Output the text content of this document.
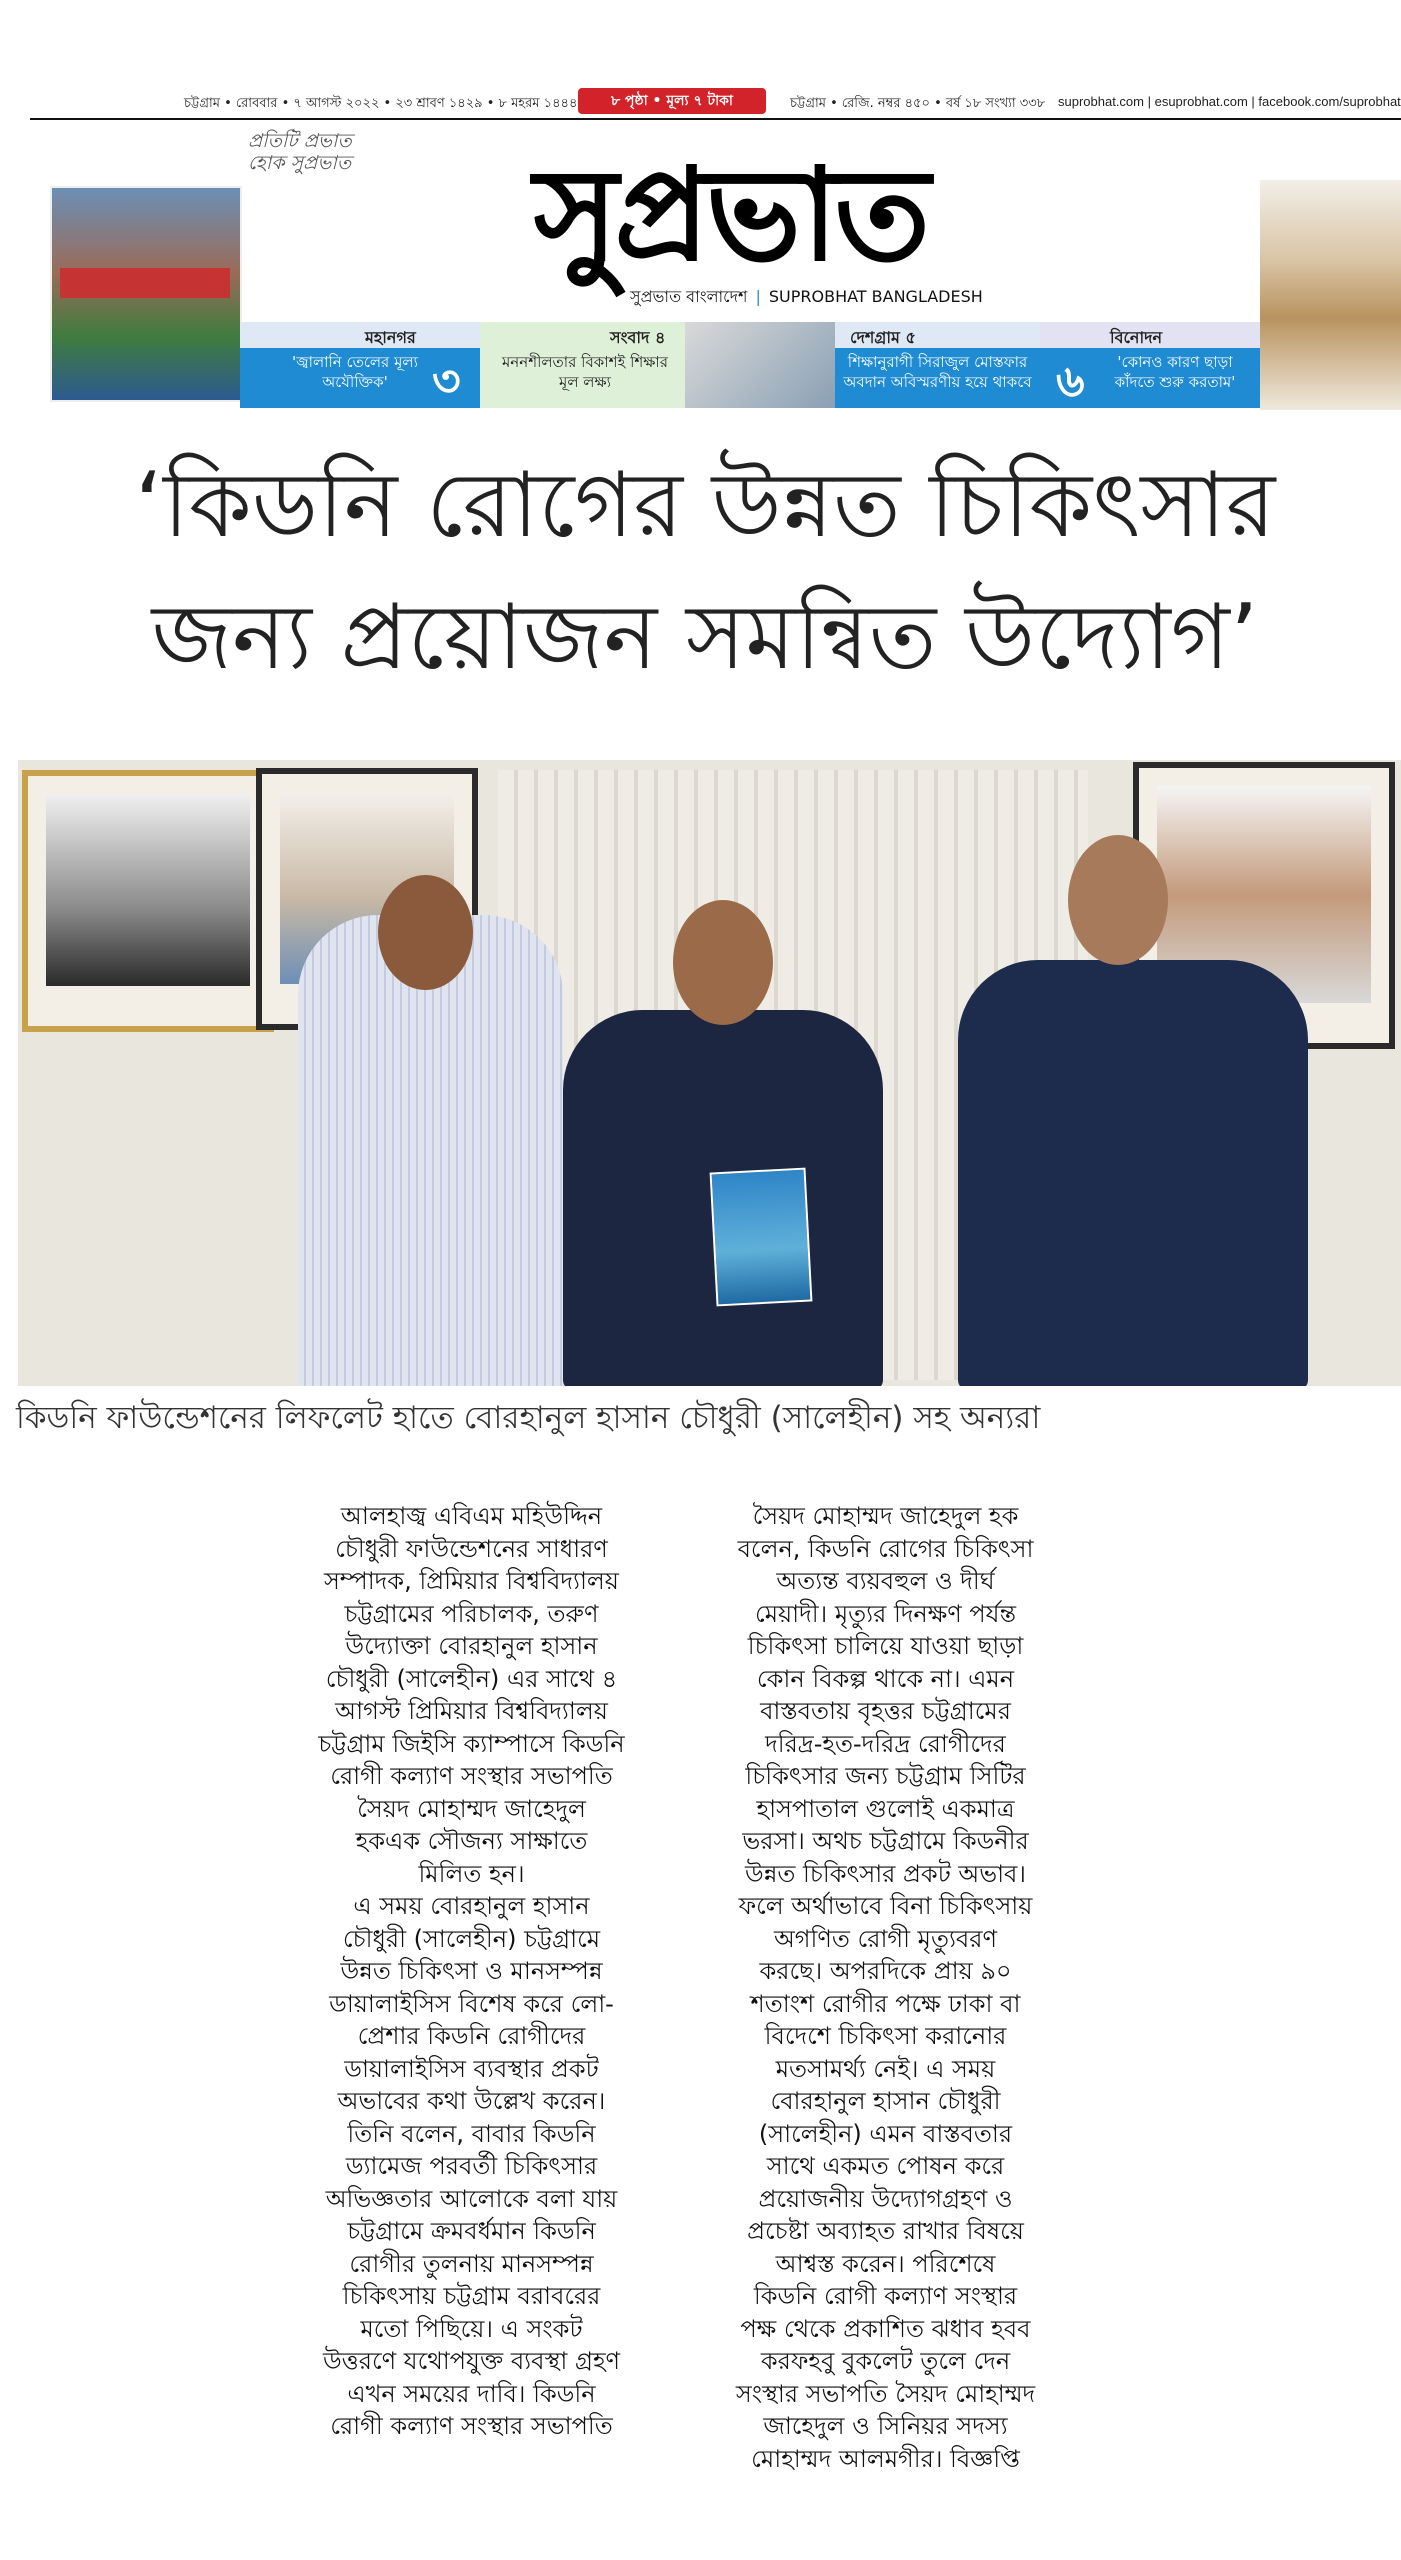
চট্টগ্রাম • রোববার • ৭ আগস্ট ২০২২ • ২৩ শ্রাবণ ১৪২৯ • ৮ মহরম ১৪৪৪	৮ পৃষ্ঠা • মূল্য ৭ টাকা	চট্টগ্রাম • রেজি. নম্বর ৪৫০ • বর্ষ ১৮ সংখ্যা ৩৩৮ suprobhat.com | esuprobhat.com | facebook.com/suprobhat
প্রতিটি প্রভাত হোক সুপ্রভাত	সুপ্রভাত
সুপ্রভাত বাংলাদেশ | SUPROBHAT BANGLADESH
মহানগর
'জ্বালানি তেলের মূল্য অযৌক্তিক'	৩
সংবাদ ৪
মননশীলতার বিকাশই শিক্ষার মূল লক্ষ্য
দেশগ্রাম ৫
শিক্ষানুরাগী সিরাজুল মোস্তফার অবদান অবিস্মরণীয় হয়ে থাকবে
বিনোদন
৬	'কোনও কারণ ছাড়া কাঁদতে শুরু করতাম'
‘কিডনি রোগের উন্নত চিকিৎসার
জন্য প্রয়োজন সমন্বিত উদ্যোগ’
কিডনি ফাউন্ডেশনের লিফলেট হাতে বোরহানুল হাসান চৌধুরী (সালেহীন) সহ অন্যরা

আলহাজ্ব এবিএম মহিউদ্দিন

চৌধুরী ফাউন্ডেশনের সাধারণ

সম্পাদক, প্রিমিয়ার বিশ্ববিদ্যালয়

চট্টগ্রামের পরিচালক, তরুণ

উদ্যোক্তা বোরহানুল হাসান

চৌধুরী (সালেহীন) এর সাথে ৪

আগস্ট প্রিমিয়ার বিশ্ববিদ্যালয়

চট্টগ্রাম জিইসি ক্যাম্পাসে কিডনি

রোগী কল্যাণ সংস্থার সভাপতি

সৈয়দ মোহাম্মদ জাহেদুল

হকএক সৌজন্য সাক্ষাতে

মিলিত হন।

এ সময় বোরহানুল হাসান

চৌধুরী (সালেহীন) চট্টগ্রামে

উন্নত চিকিৎসা ও মানসম্পন্ন

ডায়ালাইসিস বিশেষ করে লো-

প্রেশার কিডনি রোগীদের

ডায়ালাইসিস ব্যবস্থার প্রকট

অভাবের কথা উল্লেখ করেন।

তিনি বলেন, বাবার কিডনি

ড্যামেজ পরবর্তী চিকিৎসার

অভিজ্ঞতার আলোকে বলা যায়

চট্টগ্রামে ক্রমবর্ধমান কিডনি

রোগীর তুলনায় মানসম্পন্ন

চিকিৎসায় চট্টগ্রাম বরাবরের

মতো পিছিয়ে। এ সংকট

উত্তরণে যথোপযুক্ত ব্যবস্থা গ্রহণ

এখন সময়ের দাবি। কিডনি

রোগী কল্যাণ সংস্থার সভাপতি

সৈয়দ মোহাম্মদ জাহেদুল হক

বলেন, কিডনি রোগের চিকিৎসা

অত্যন্ত ব্যয়বহুল ও দীর্ঘ

মেয়াদী। মৃত্যুর দিনক্ষণ পর্যন্ত

চিকিৎসা চালিয়ে যাওয়া ছাড়া

কোন বিকল্প থাকে না। এমন

বাস্তবতায় বৃহত্তর চট্টগ্রামের

দরিদ্র-হত-দরিদ্র রোগীদের

চিকিৎসার জন্য চট্টগ্রাম সিটির

হাসপাতাল গুলোই একমাত্র

ভরসা। অথচ চট্টগ্রামে কিডনীর

উন্নত চিকিৎসার প্রকট অভাব।

ফলে অর্থাভাবে বিনা চিকিৎসায়

অগণিত রোগী মৃত্যুবরণ

করছে। অপরদিকে প্রায় ৯০

শতাংশ রোগীর পক্ষে ঢাকা বা

বিদেশে চিকিৎসা করানোর

মতসামর্থ্য নেই। এ সময়

বোরহানুল হাসান চৌধুরী

(সালেহীন) এমন বাস্তবতার

সাথে একমত পোষন করে

প্রয়োজনীয় উদ্যোগগ্রহণ ও

প্রচেষ্টা অব্যাহত রাখার বিষয়ে

আশ্বস্ত করেন। পরিশেষে

কিডনি রোগী কল্যাণ সংস্থার

পক্ষ থেকে প্রকাশিত ঝধাব হবব

করফহবু বুকলেট তুলে দেন

সংস্থার সভাপতি সৈয়দ মোহাম্মদ

জাহেদুল ও সিনিয়র সদস্য

মোহাম্মদ আলমগীর। বিজ্ঞপ্তি
